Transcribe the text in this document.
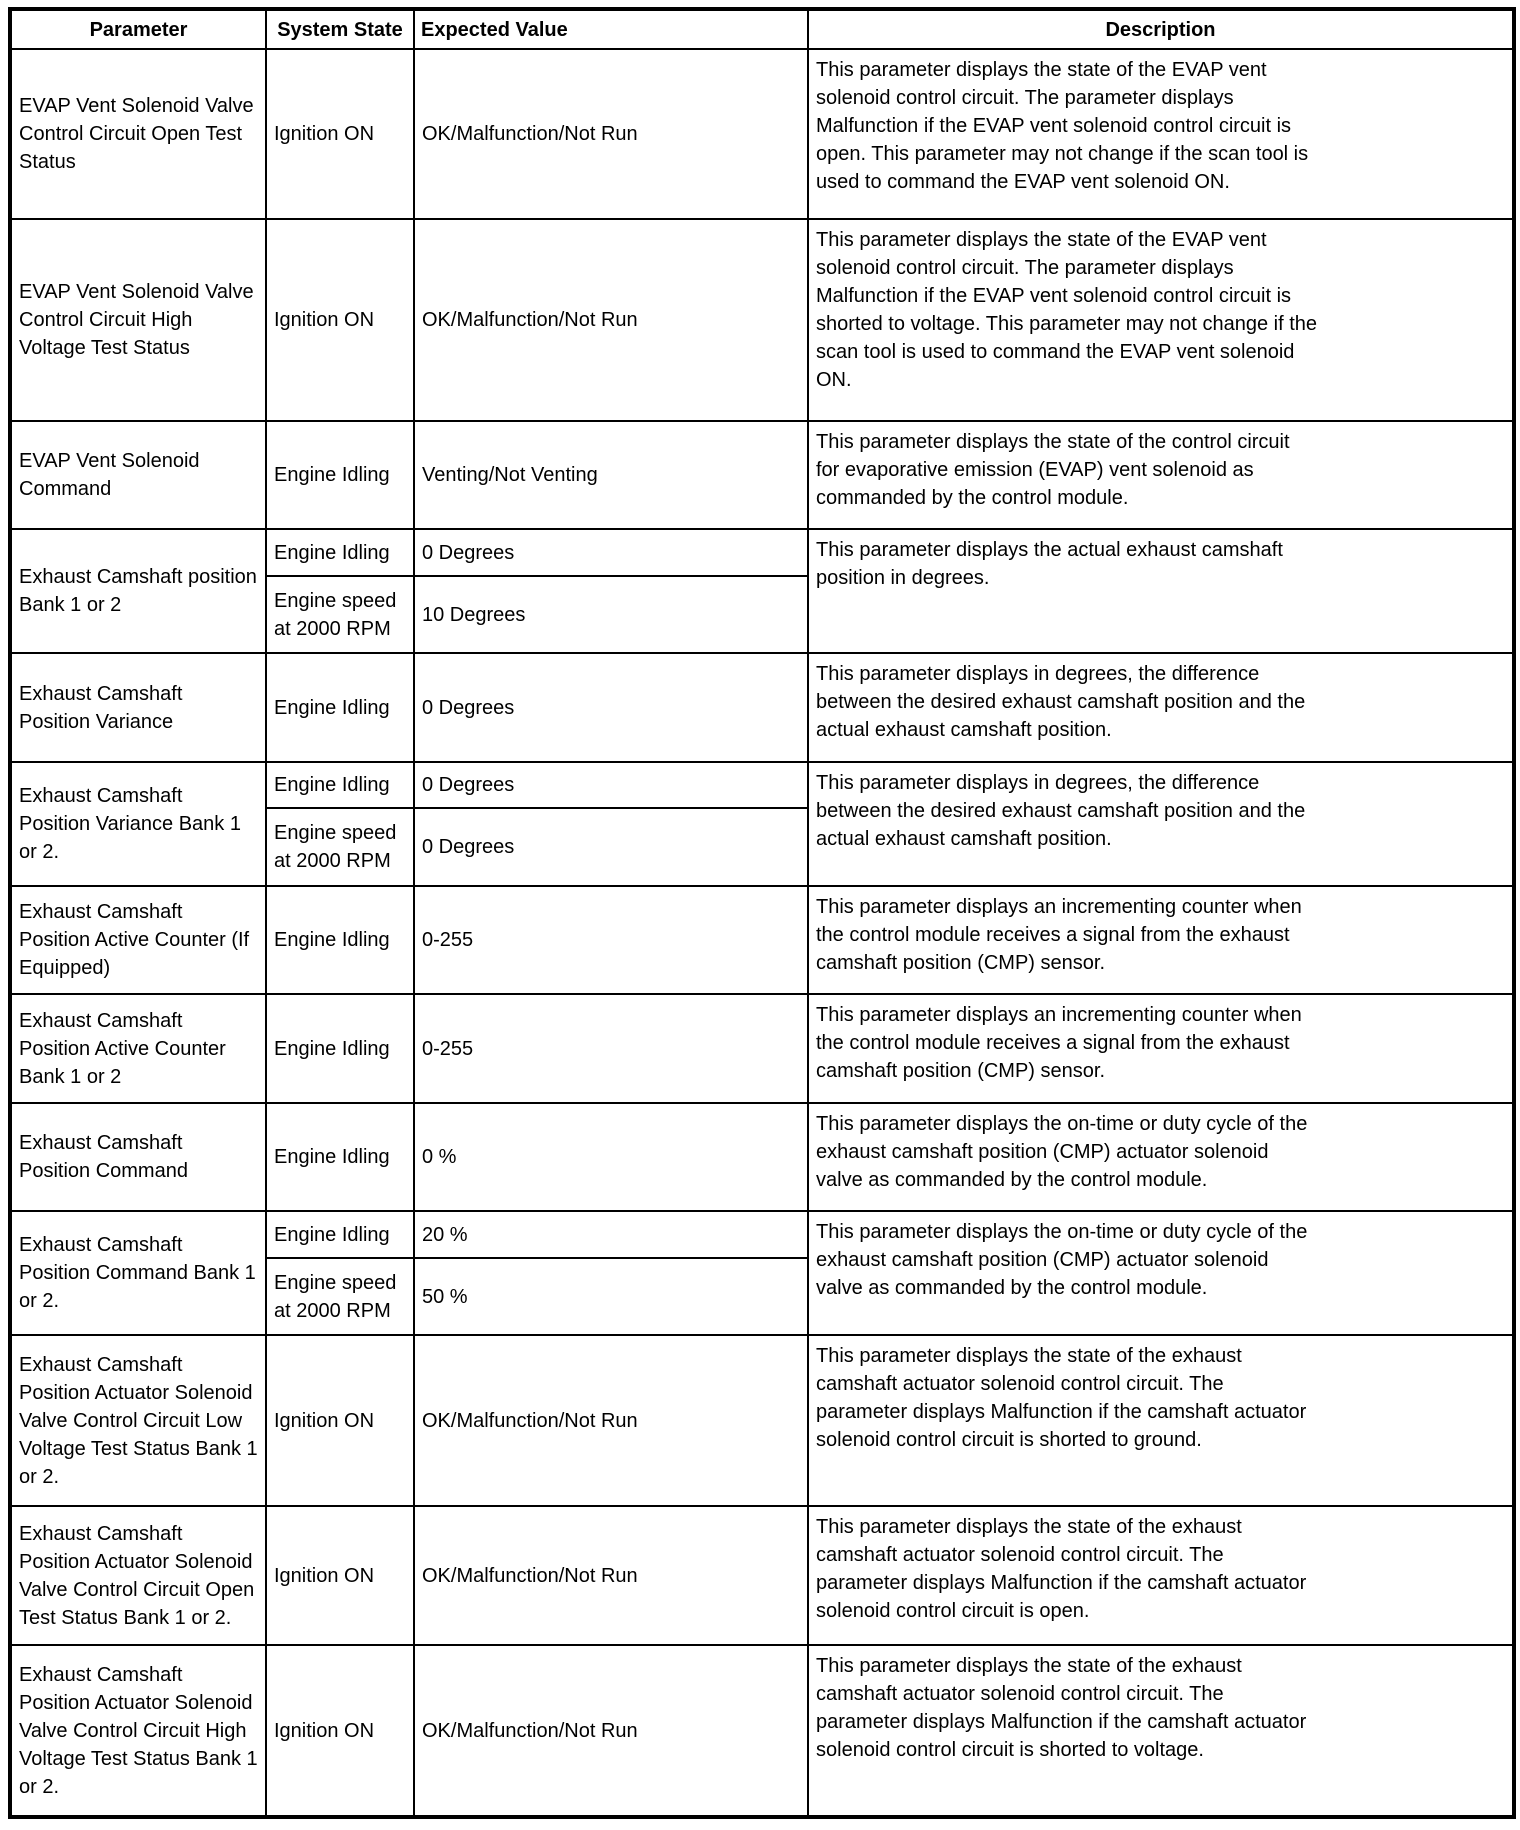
Parameter	System State	Expected Value	Description
EVAP Vent Solenoid Valve Control Circuit Open Test Status	Ignition ON	OK/Malfunction/Not Run	This parameter displays the state of the EVAP vent solenoid control circuit. The parameter displays Malfunction if the EVAP vent solenoid control circuit is open. This parameter may not change if the scan tool is used to command the EVAP vent solenoid ON.

EVAP Vent Solenoid Valve Control Circuit High Voltage Test Status	Ignition ON	OK/Malfunction/Not Run	This parameter displays the state of the EVAP vent solenoid control circuit. The parameter displays Malfunction if the EVAP vent solenoid control circuit is shorted to voltage. This parameter may not change if the scan tool is used to command the EVAP vent solenoid ON.

EVAP Vent Solenoid Command	Engine Idling	Venting/Not Venting	This parameter displays the state of the control circuit for evaporative emission (EVAP) vent solenoid as commanded by the control module.

Exhaust Camshaft position Bank 1 or 2	Engine Idling	0 Degrees	This parameter displays the actual exhaust camshaft position in degrees.

	Engine speed at 2000 RPM	10 Degrees	
Exhaust Camshaft Position Variance	Engine Idling	0 Degrees	This parameter displays in degrees, the difference between the desired exhaust camshaft position and the actual exhaust camshaft position.

Exhaust Camshaft Position Variance Bank 1 or 2.	Engine Idling	0 Degrees	This parameter displays in degrees, the difference between the desired exhaust camshaft position and the actual exhaust camshaft position.

	Engine speed at 2000 RPM	0 Degrees	
Exhaust Camshaft Position Active Counter (If Equipped)	Engine Idling	0-255	This parameter displays an incrementing counter when the control module receives a signal from the exhaust camshaft position (CMP) sensor.

Exhaust Camshaft Position Active Counter Bank 1 or 2	Engine Idling	0-255	This parameter displays an incrementing counter when the control module receives a signal from the exhaust camshaft position (CMP) sensor.

Exhaust Camshaft Position Command	Engine Idling	0 %	This parameter displays the on-time or duty cycle of the exhaust camshaft position (CMP) actuator solenoid valve as commanded by the control module.

Exhaust Camshaft Position Command Bank 1 or 2.	Engine Idling	20 %	This parameter displays the on-time or duty cycle of the exhaust camshaft position (CMP) actuator solenoid valve as commanded by the control module.

	Engine speed at 2000 RPM	50 %	
Exhaust Camshaft Position Actuator Solenoid Valve Control Circuit Low Voltage Test Status Bank 1 or 2.	Ignition ON	OK/Malfunction/Not Run	This parameter displays the state of the exhaust camshaft actuator solenoid control circuit. The parameter displays Malfunction if the camshaft actuator solenoid control circuit is shorted to ground.

Exhaust Camshaft Position Actuator Solenoid Valve Control Circuit Open Test Status Bank 1 or 2.	Ignition ON	OK/Malfunction/Not Run	This parameter displays the state of the exhaust camshaft actuator solenoid control circuit. The parameter displays Malfunction if the camshaft actuator solenoid control circuit is open.

Exhaust Camshaft Position Actuator Solenoid Valve Control Circuit High Voltage Test Status Bank 1 or 2.	Ignition ON	OK/Malfunction/Not Run	This parameter displays the state of the exhaust camshaft actuator solenoid control circuit. The parameter displays Malfunction if the camshaft actuator solenoid control circuit is shorted to voltage.
